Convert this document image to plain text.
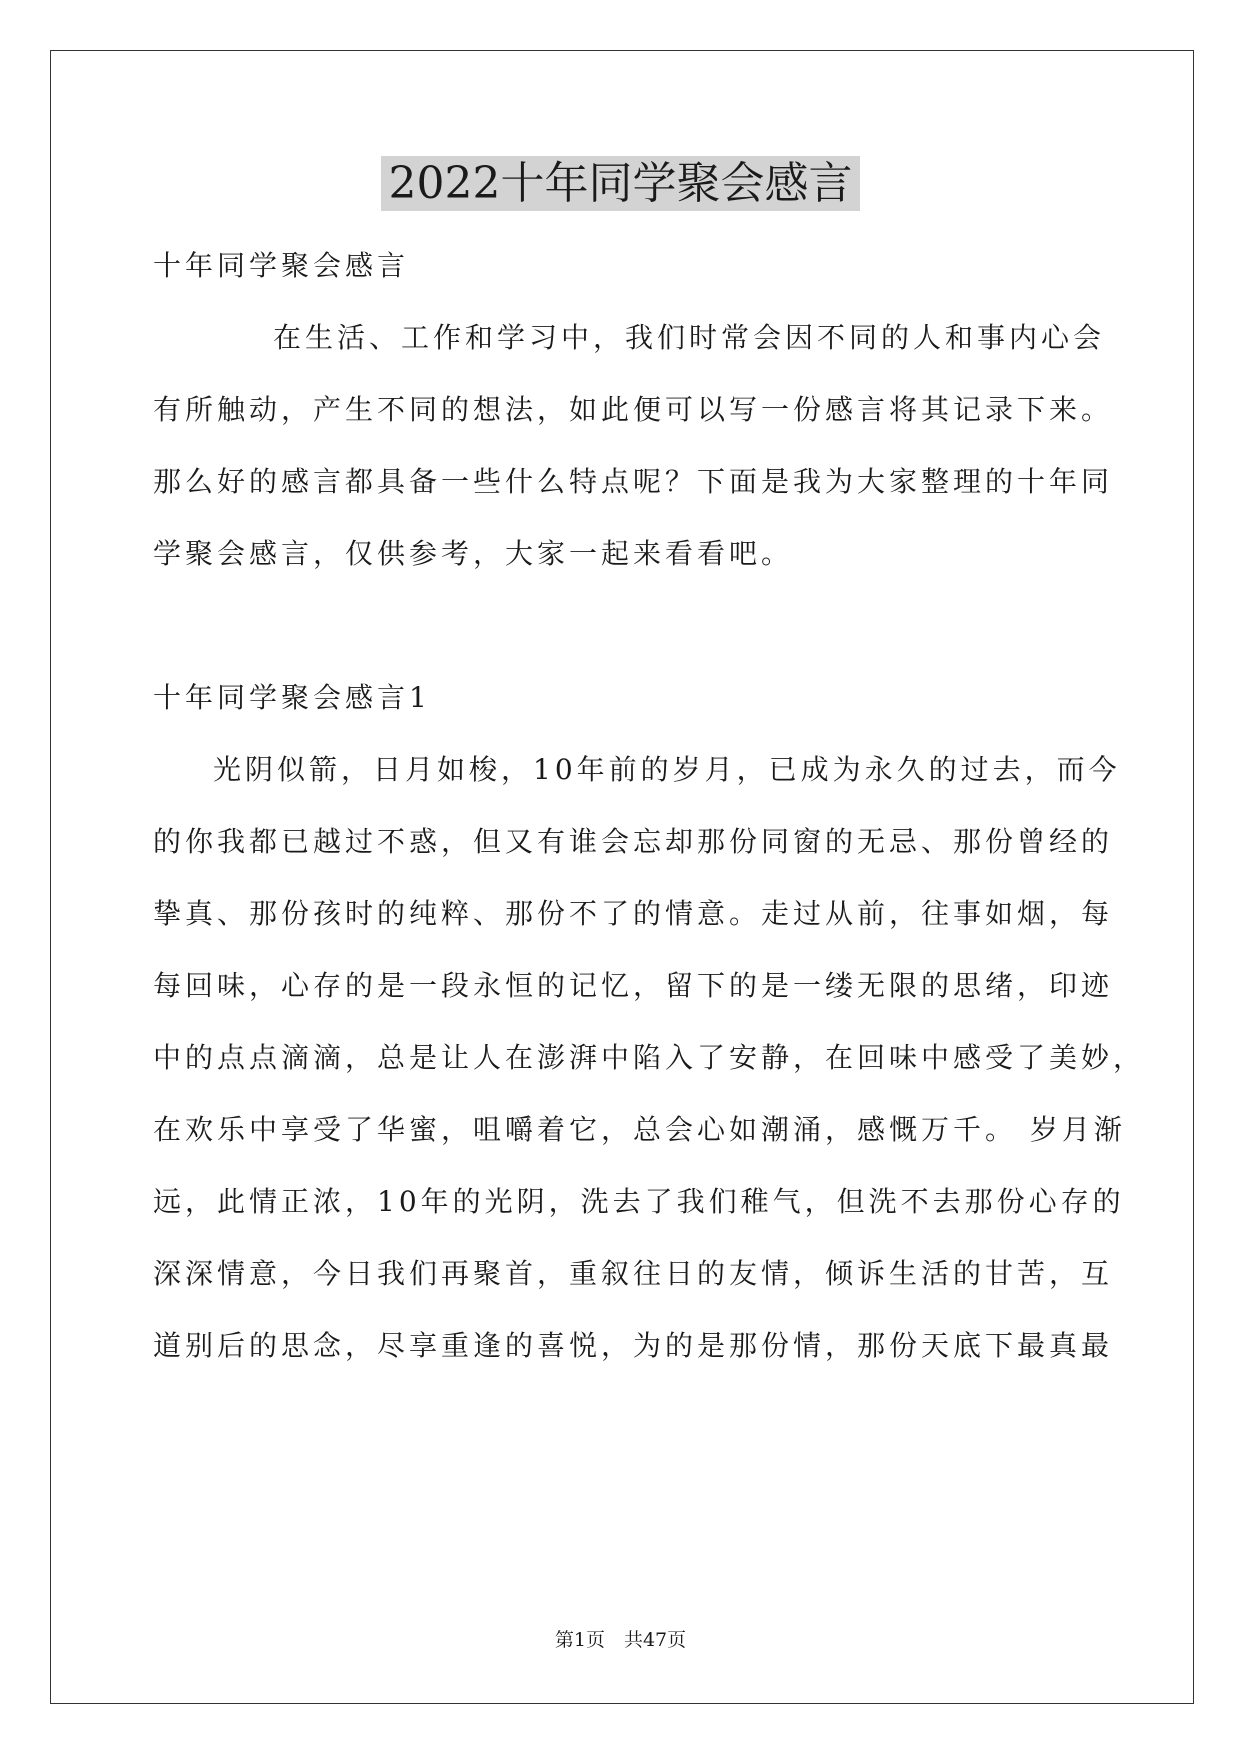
2022十年同学聚会感言
十年同学聚会感言
在生活、工作和学习中，我们时常会因不同的人和事内心会
有所触动，产生不同的想法，如此便可以写一份感言将其记录下来。
那么好的感言都具备一些什么特点呢？下面是我为大家整理的十年同
学聚会感言，仅供参考，大家一起来看看吧。
十年同学聚会感言1
光阴似箭，日月如梭，10年前的岁月，已成为永久的过去，而今
的你我都已越过不惑，但又有谁会忘却那份同窗的无忌、那份曾经的
挚真、那份孩时的纯粹、那份不了的情意。走过从前，往事如烟，每
每回味，心存的是一段永恒的记忆，留下的是一缕无限的思绪，印迹
中的点点滴滴，总是让人在澎湃中陷入了安静，在回味中感受了美妙，
在欢乐中享受了华蜜，咀嚼着它，总会心如潮涌，感慨万千。 岁月渐
远，此情正浓，10年的光阴，洗去了我们稚气，但洗不去那份心存的
深深情意，今日我们再聚首，重叙往日的友情，倾诉生活的甘苦，互
道别后的思念，尽享重逢的喜悦，为的是那份情，那份天底下最真最
第1页　共47页
